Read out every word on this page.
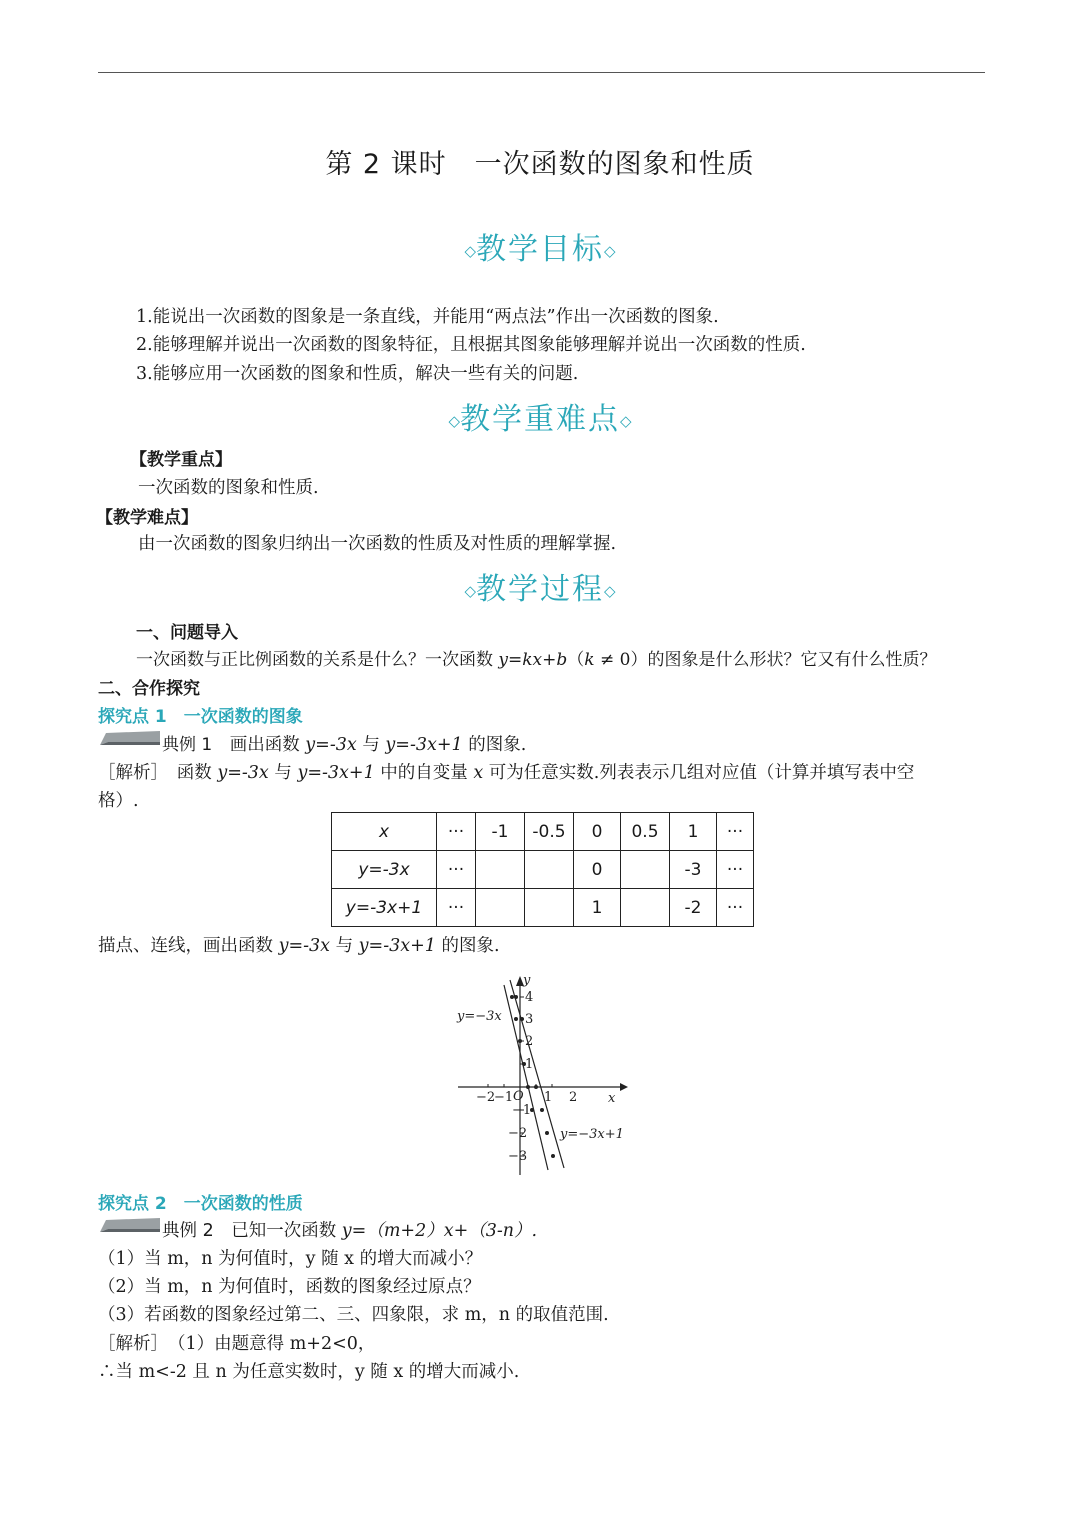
第 2 课时　一次函数的图象和性质
◇教学目标◇
1.能说出一次函数的图象是一条直线，并能用“两点法”作出一次函数的图象.
2.能够理解并说出一次函数的图象特征，且根据其图象能够理解并说出一次函数的性质.
3.能够应用一次函数的图象和性质，解决一些有关的问题.
◇教学重难点◇
【教学重点】
一次函数的图象和性质.
【教学难点】
由一次函数的图象归纳出一次函数的性质及对性质的理解掌握.
◇教学过程◇
一、问题导入
一次函数与正比例函数的关系是什么？一次函数 y=kx+b（k ≠ 0）的图象是什么形状？它又有什么性质？
二、合作探究
探究点 1　一次函数的图象
典例 1　 画出函数 y=-3x 与 y=-3x+1 的图象.
［解析］　 函数 y=-3x 与 y=-3x+1 中的自变量 x 可为任意实数.列表表示几组对应值（计算并填写表中空
格）.
x	···	-1	-0.5	0	0.5	1	···
y=-3x	···			0		-3	···
y=-3x+1	···			1		-2	···
描点、连线，画出函数 y=-3x 与 y=-3x+1 的图象.
y
x
O
y=−3x
y=−3x+1
−2
−1 1 2
4
3
2
1
−1
−2
−3
探究点 2　一次函数的性质
典例 2　 已知一次函数 y=（m+2）x+（3-n）.
（1）当 m，n 为何值时，y 随 x 的增大而减小？
（2）当 m，n 为何值时，函数的图象经过原点？
（3）若函数的图象经过第二、三、四象限，求 m，n 的取值范围.
［解析］　 （1）由题意得 m+2<0，
∴当 m<-2 且 n 为任意实数时，y 随 x 的增大而减小.
